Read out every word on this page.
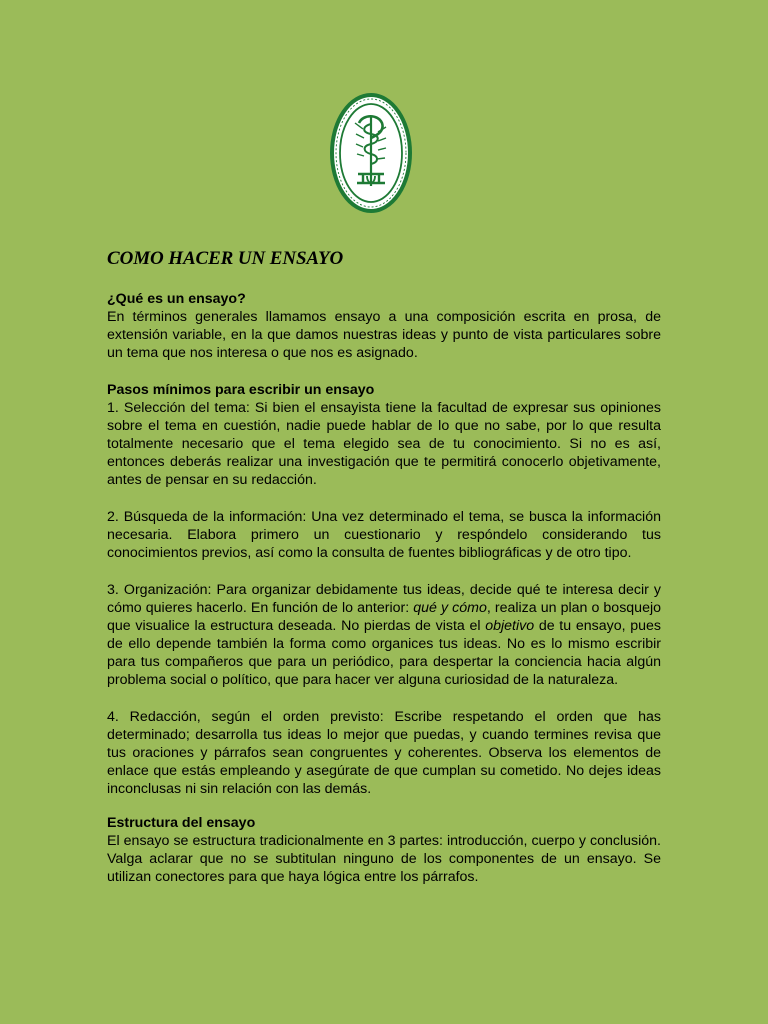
COMO HACER UN ENSAYO
¿Qué es un ensayo?

En términos generales llamamos ensayo a una composición escrita en prosa, de extensión variable, en la que damos nuestras ideas y punto de vista particulares sobre un tema que nos interesa o que nos es asignado.

Pasos mínimos para escribir un ensayo

1. Selección del tema: Si bien el ensayista tiene la facultad de expresar sus opiniones sobre el tema en cuestión, nadie puede hablar de lo que no sabe, por lo que resulta totalmente necesario que el tema elegido sea de tu conocimiento. Si no es así, entonces deberás realizar una investigación que te permitirá conocerlo objetivamente, antes de pensar en su redacción.

2. Búsqueda de la información: Una vez determinado el tema, se busca la información necesaria. Elabora primero un cuestionario y respóndelo considerando tus conocimientos previos, así como la consulta de fuentes bibliográficas y de otro tipo.

3. Organización: Para organizar debidamente tus ideas, decide qué te interesa decir y cómo quieres hacerlo. En función de lo anterior: qué y cómo, realiza un plan o bosquejo que visualice la estructura deseada. No pierdas de vista el objetivo de tu ensayo, pues de ello depende también la forma como organices tus ideas. No es lo mismo escribir para tus compañeros que para un periódico, para despertar la conciencia hacia algún problema social o político, que para hacer ver alguna curiosidad de la naturaleza.

4. Redacción, según el orden previsto: Escribe respetando el orden que has determinado; desarrolla tus ideas lo mejor que puedas, y cuando termines revisa que tus oraciones y párrafos sean congruentes y coherentes. Observa los elementos de enlace que estás empleando y asegúrate de que cumplan su cometido. No dejes ideas inconclusas ni sin relación con las demás.

Estructura del ensayo

El ensayo se estructura tradicionalmente en 3 partes: introducción, cuerpo y conclusión. Valga aclarar que no se subtitulan ninguno de los componentes de un ensayo. Se utilizan conectores para que haya lógica entre los párrafos.
